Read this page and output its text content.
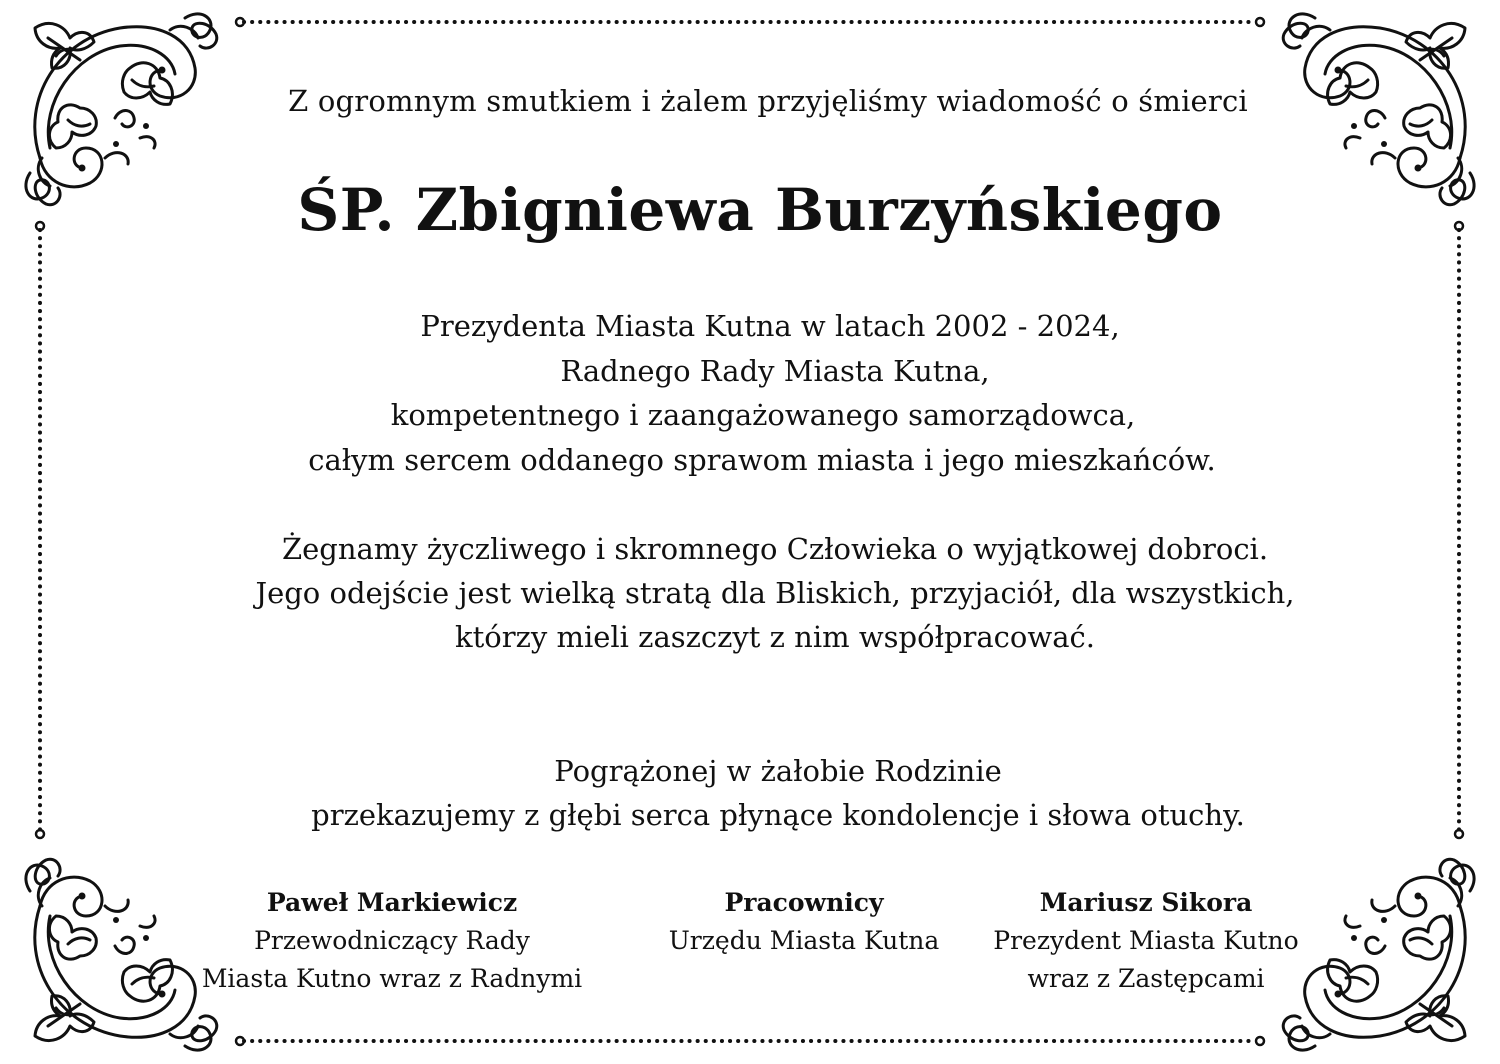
Z ogromnym smutkiem i żalem przyjęliśmy wiadomość o śmierci
ŚP. Zbigniewa Burzyńskiego
Prezydenta Miasta Kutna w latach 2002 - 2024,
Radnego Rady Miasta Kutna,
kompetentnego i zaangażowanego samorządowca,
całym sercem oddanego sprawom miasta i jego mieszkańców.
Żegnamy życzliwego i skromnego Człowieka o wyjątkowej dobroci.
Jego odejście jest wielką stratą dla Bliskich, przyjaciół, dla wszystkich,
którzy mieli zaszczyt z nim współpracować.
Pogrążonej w żałobie Rodzinie
przekazujemy z głębi serca płynące kondolencje i słowa otuchy.
Paweł Markiewicz
Przewodniczący Rady
Miasta Kutno wraz z Radnymi
Pracownicy
Urzędu Miasta Kutna
Mariusz Sikora
Prezydent Miasta Kutno
wraz z Zastępcami
